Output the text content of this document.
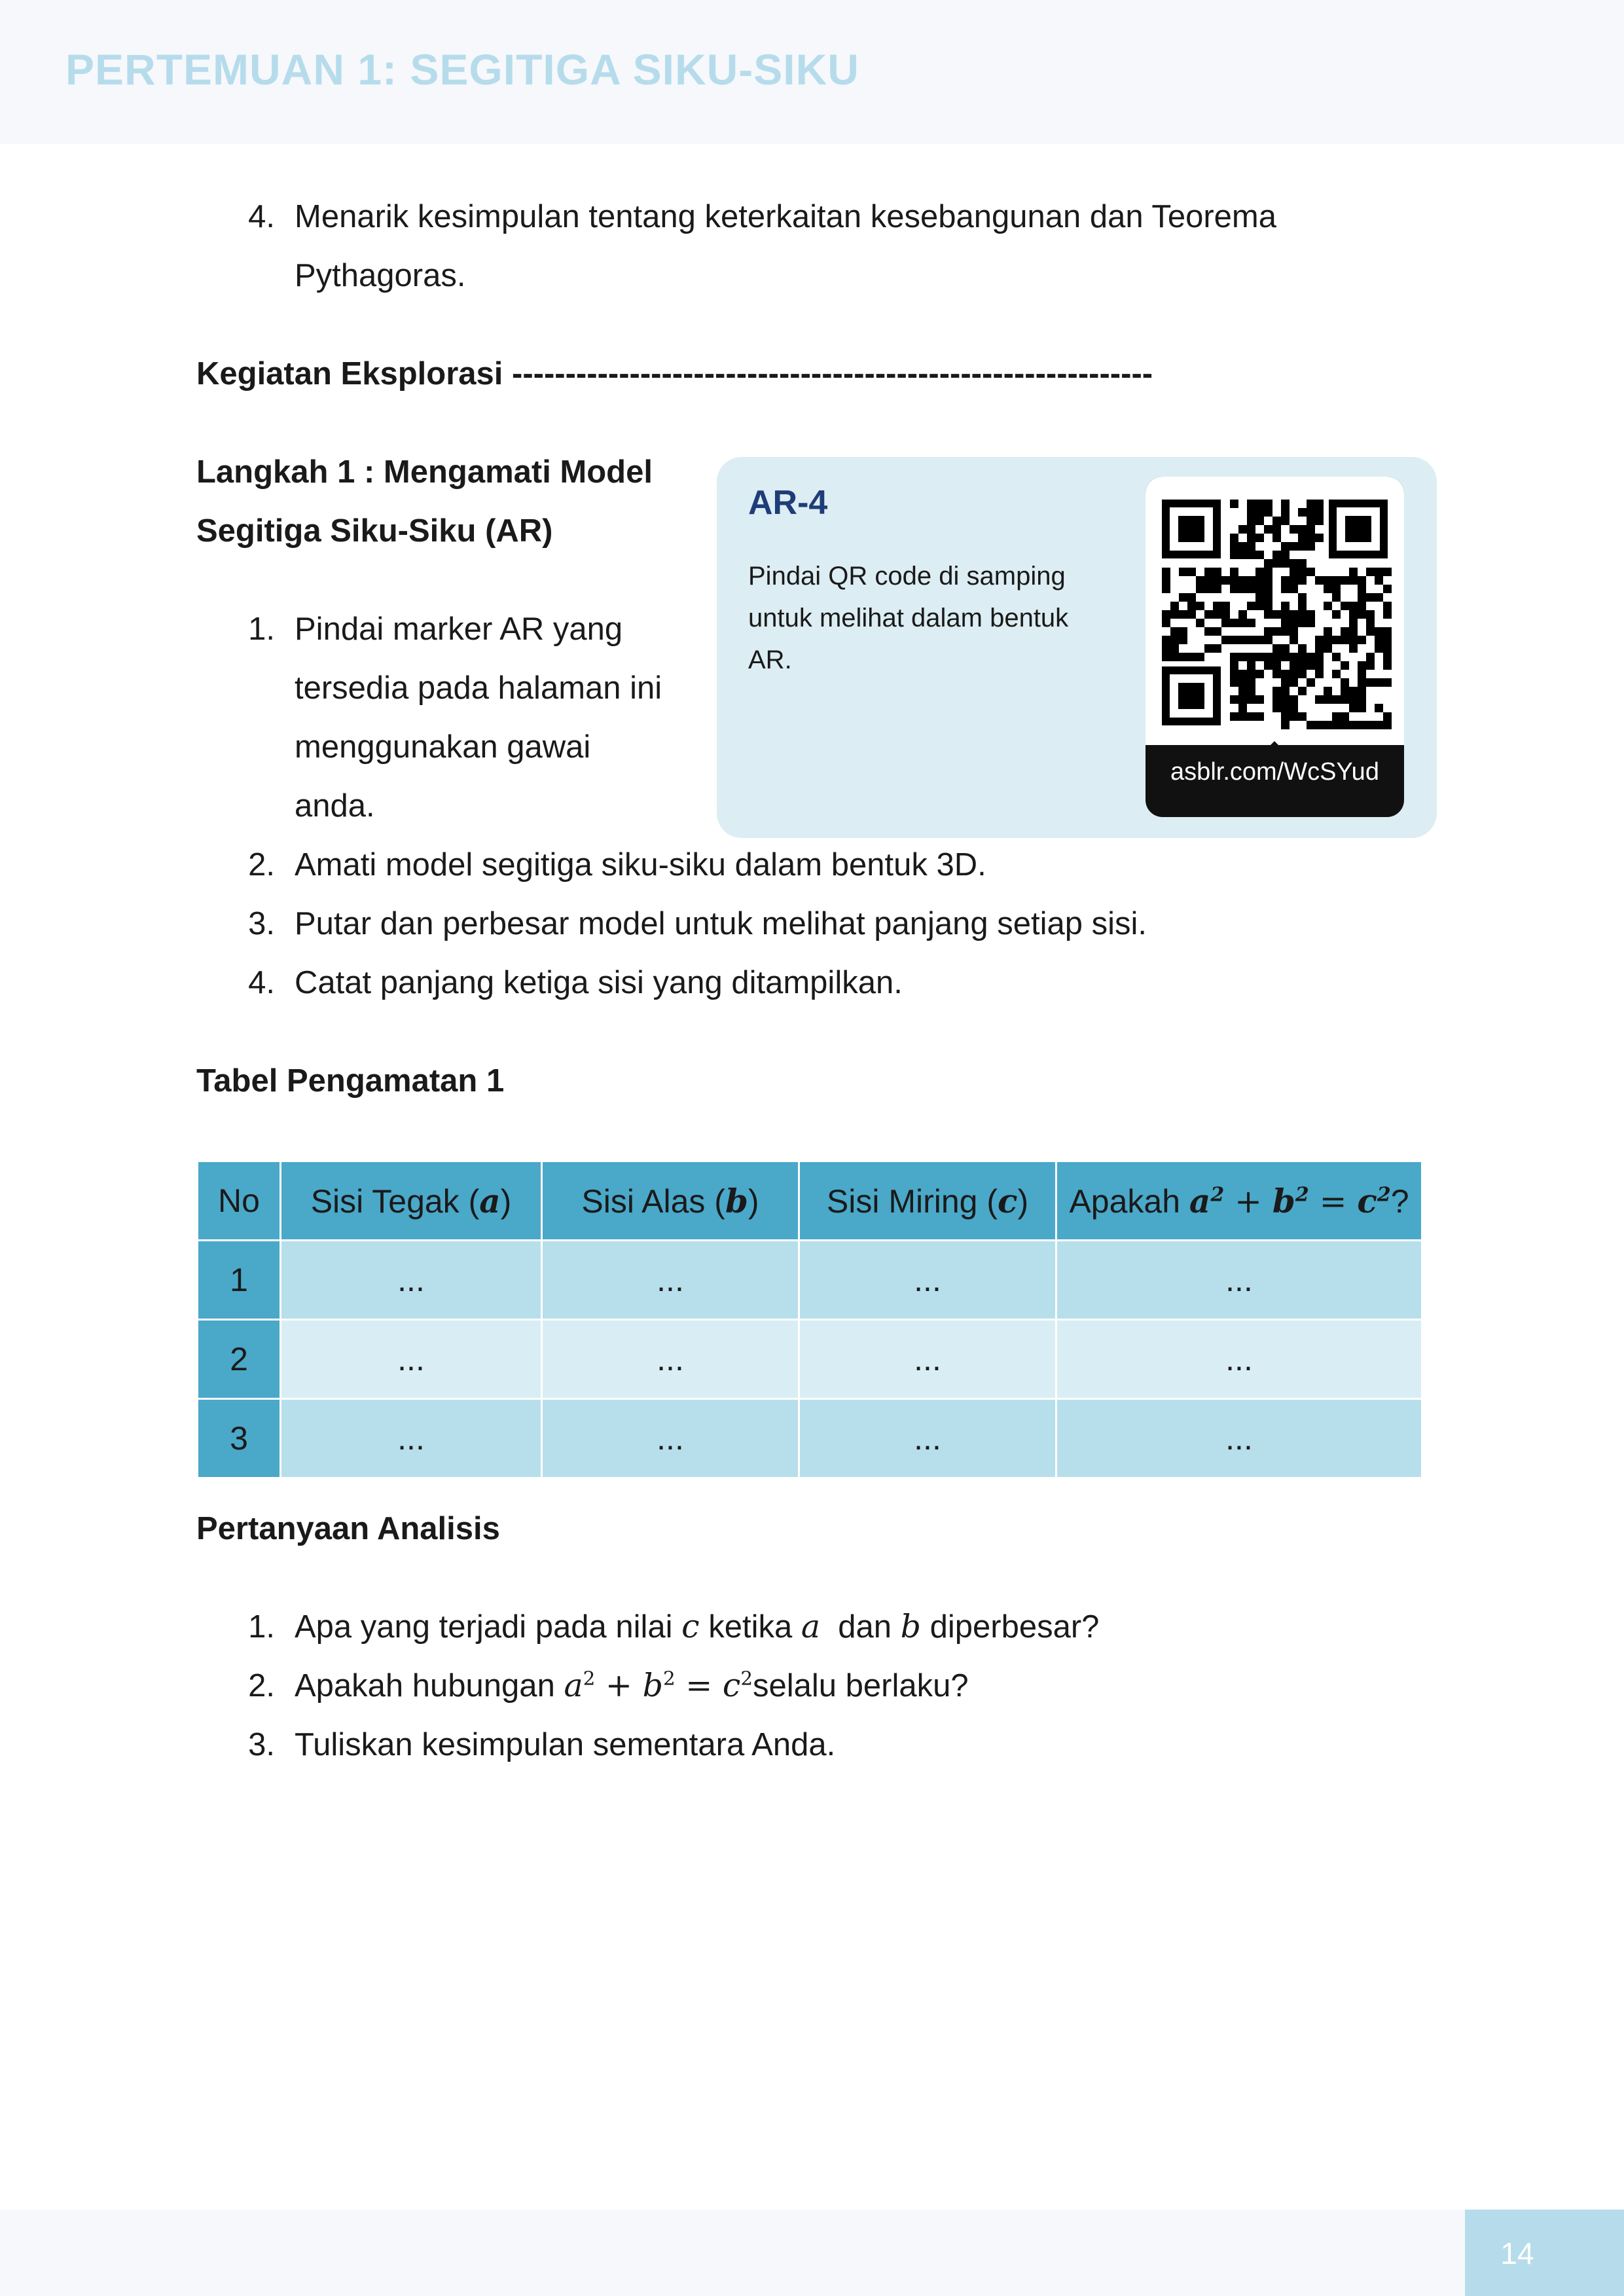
PERTEMUAN 1: SEGITIGA SIKU-SIKU
4. Menarik kesimpulan tentang keterkaitan kesebangunan dan Teorema
Pythagoras.
Kegiatan Eksplorasi ------------------------------------------------------------
Langkah 1 : Mengamati Model
Segitiga Siku-Siku (AR)
1. Pindai marker AR yang
tersedia pada halaman ini
menggunakan gawai
anda.
2. Amati model segitiga siku-siku dalam bentuk 3D.
3. Putar dan perbesar model untuk melihat panjang setiap sisi.
4. Catat panjang ketiga sisi yang ditampilkan.
AR-4
Pindai QR code di samping untuk melihat dalam bentuk AR.
asblr.com/WcSYud
Tabel Pengamatan 1
No	Sisi Tegak (a)	Sisi Alas (b)	Sisi Miring (c)	Apakah $a^2 + b^2 = c^2$?
1	...	...	...	...
2	...	...	...	...
3	...	...	...	...
Pertanyaan Analisis
1. Apa yang terjadi pada nilai c ketika a  dan b diperbesar?
2. Apakah hubungan $a^2 + b^2$ = $c^2selalu$ berlaku?
3. Tuliskan kesimpulan sementara Anda.
14
